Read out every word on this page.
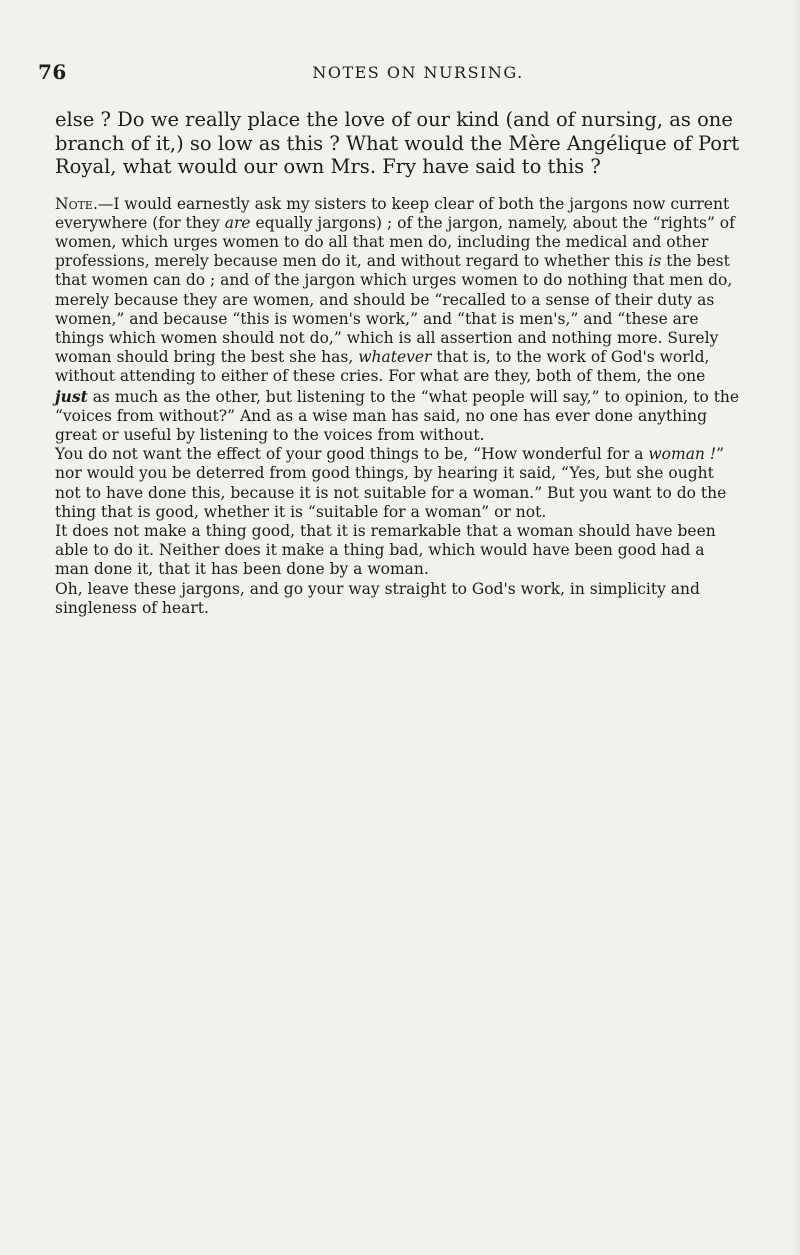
76	NOTES ON NURSING.

else ? Do we really place the love of our kind (and of nursing, as one branch of it,) so low as this ? What would the Mère Angélique of Port Royal, what would our own Mrs. Fry have said to this ?

Note.—I would earnestly ask my sisters to keep clear of both the jargons now current everywhere (for they are equally jargons) ; of the jargon, namely, about the “rights” of women, which urges women to do all that men do, including the medical and other professions, merely because men do it, and without regard to whether this is the best that women can do ; and of the jargon which urges women to do nothing that men do, merely because they are women, and should be “recalled to a sense of their duty as women,” and because “this is women's work,” and “that is men's,” and “these are things which women should not do,” which is all assertion and nothing more. Surely woman should bring the best she has, whatever that is, to the work of God's world, without attending to either of these cries. For what are they, both of them, the one just as much as the other, but listening to the “what people will say,” to opinion, to the “voices from without?” And as a wise man has said, no one has ever done anything great or useful by listening to the voices from without.

You do not want the effect of your good things to be, “How wonderful for a woman !” nor would you be deterred from good things, by hearing it said, “Yes, but she ought not to have done this, because it is not suitable for a woman.” But you want to do the thing that is good, whether it is “suitable for a woman” or not.

It does not make a thing good, that it is remarkable that a woman should have been able to do it. Neither does it make a thing bad, which would have been good had a man done it, that it has been done by a woman.

Oh, leave these jargons, and go your way straight to God's work, in simplicity and singleness of heart.
